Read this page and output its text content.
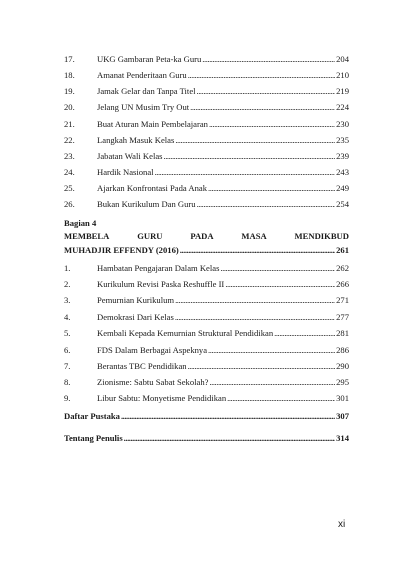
17.	UKG Gambaran Peta-ka Guru . . .	204
18.	Amanat Penderitaan Guru . . .	210
19.	Jamak Gelar dan Tanpa Titel . . .	219
20.	Jelang UN Musim Try Out . . .	224
21.	Buat Aturan Main Pembelajaran . . .	230
22.	Langkah Masuk Kelas . . .	235
23.	Jabatan Wali Kelas . . .	239
24.	Hardik Nasional . . .	243
25.	Ajarkan Konfrontasi Pada Anak . . .	249
26.	Bukan Kurikulum Dan Guru . . .	254
Bagian 4
MEMBELA	GURU	PADA	MASA	MENDIKBUD
MUHADJIR EFFENDY (2016) . . .	261
1.	Hambatan Pengajaran Dalam Kelas . . .	262
2.	Kurikulum Revisi Paska Reshuffle II . . .	266
3.	Pemurnian Kurikulum . . .	271
4.	Demokrasi Dari Kelas . . .	277
5.	Kembali Kepada Kemurnian Struktural Pendidikan . . .	281
6.	FDS Dalam Berbagai Aspeknya . . .	286
7.	Berantas TBC Pendidikan . . .	290
8.	Zionisme: Sabtu Sabat Sekolah? . . .	295
9.	Libur Sabtu: Monyetisme Pendidikan . . .	301
Daftar Pustaka . . .	307
Tentang Penulis . . .	314
xi
